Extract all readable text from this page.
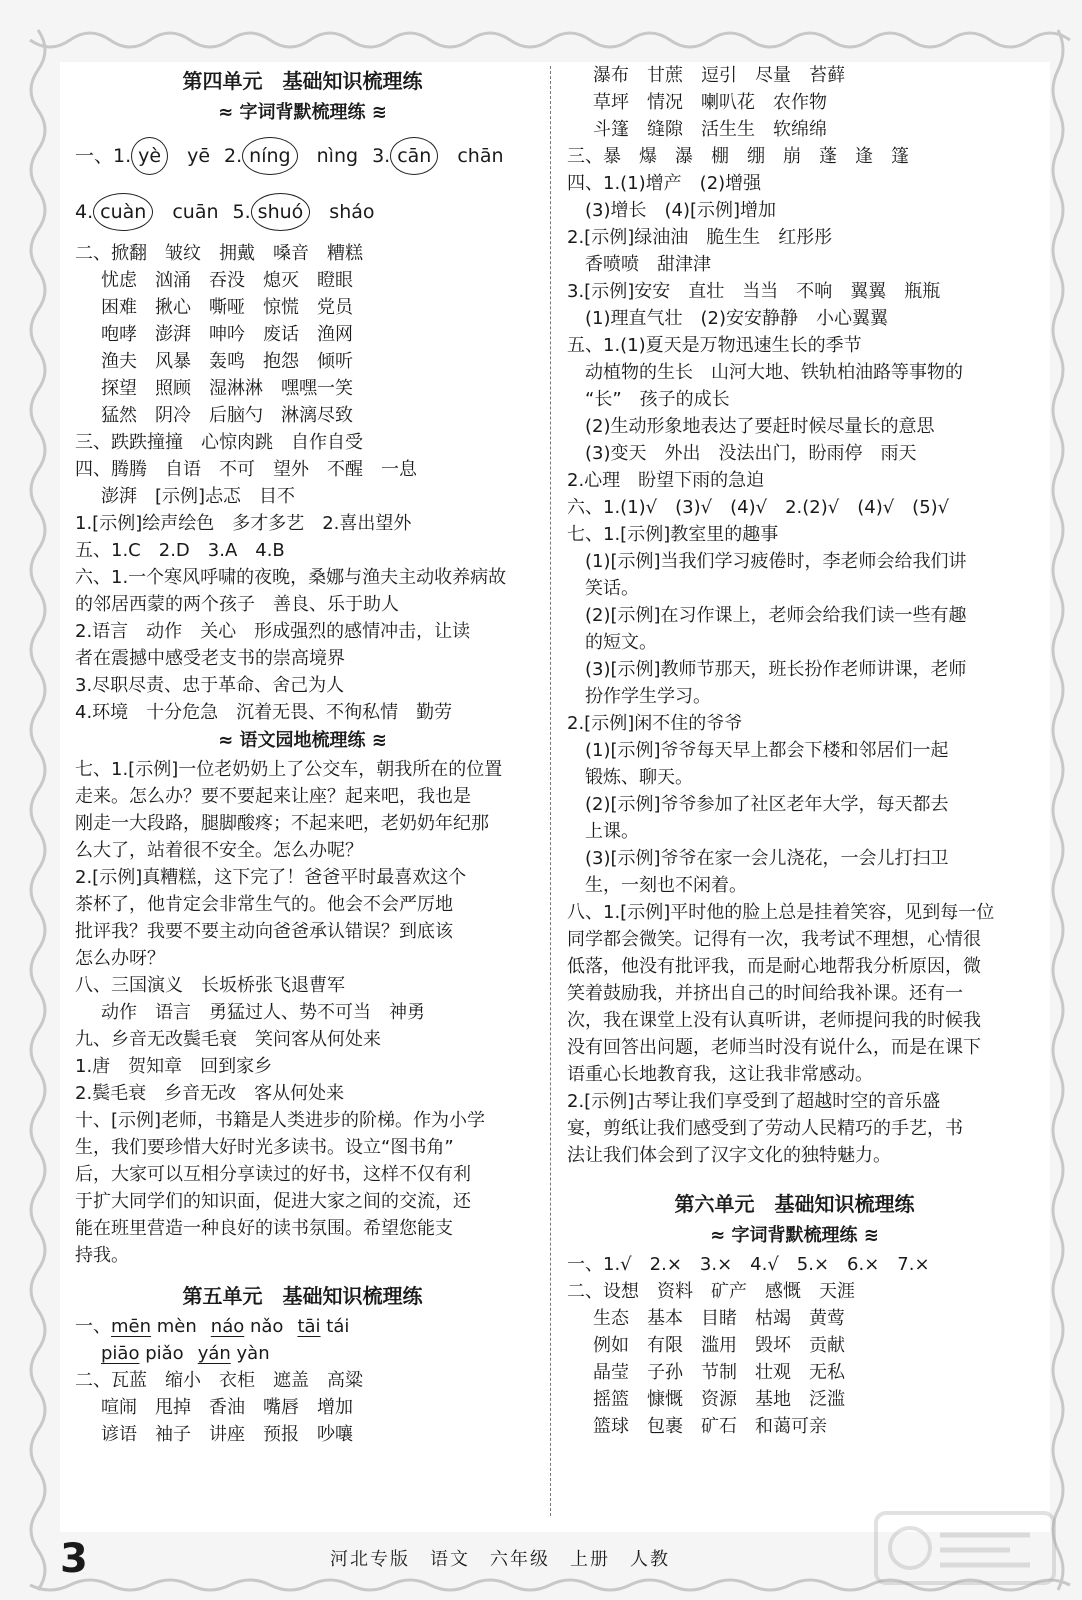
第四单元　基础知识梳理练
≈ 字词背默梳理练 ≋
一、1. yè　 yē 2. níng　 nìng 3. cān　 chān
4. cuàn　 cuān 5. shuó　 sháo
二、掀翻　皱纹　拥戴　嗓音　糟糕
忧虑　汹涌　吞没　熄灭　瞪眼
困难　揪心　嘶哑　惊慌　党员
咆哮　澎湃　呻吟　废话　渔网
渔夫　风暴　轰鸣　抱怨　倾听
探望　照顾　湿淋淋　嘿嘿一笑
猛然　阴冷　后脑勺　淋漓尽致
三、跌跌撞撞　心惊肉跳　自作自受
四、腾腾　自语　不可　望外　不醒　一息
澎湃　[示例]忐忑　目不
1.[示例]绘声绘色　多才多艺　2.喜出望外
五、1.C　2.D　3.A　4.B
六、1.一个寒风呼啸的夜晚，桑娜与渔夫主动收养病故
的邻居西蒙的两个孩子　善良、乐于助人
2.语言　动作　关心　形成强烈的感情冲击，让读
者在震撼中感受老支书的崇高境界
3.尽职尽责、忠于革命、舍己为人
4.环境　十分危急　沉着无畏、不徇私情　勤劳
≈ 语文园地梳理练 ≋
七、1.[示例]一位老奶奶上了公交车，朝我所在的位置
走来。怎么办？要不要起来让座？起来吧，我也是
刚走一大段路，腿脚酸疼；不起来吧，老奶奶年纪那
么大了，站着很不安全。怎么办呢？
2.[示例]真糟糕，这下完了！爸爸平时最喜欢这个
茶杯了，他肯定会非常生气的。他会不会严厉地
批评我？我要不要主动向爸爸承认错误？到底该
怎么办呀？
八、三国演义　长坂桥张飞退曹军
动作　语言　勇猛过人、势不可当　神勇
九、乡音无改鬓毛衰　笑问客从何处来
1.唐　贺知章　回到家乡
2.鬓毛衰　乡音无改　客从何处来
十、[示例]老师，书籍是人类进步的阶梯。作为小学
生，我们要珍惜大好时光多读书。设立“图书角”
后，大家可以互相分享读过的好书，这样不仅有利
于扩大同学们的知识面，促进大家之间的交流，还
能在班里营造一种良好的读书氛围。希望您能支
持我。
第五单元　基础知识梳理练
一、mēn mèn náo nǎo tāi tái
piāo piǎo yán yàn
二、瓦蓝　缩小　衣柜　遮盖　高粱
喧闹　甩掉　香油　嘴唇　增加
谚语　袖子　讲座　预报　吵嚷
瀑布　甘蔗　逗引　尽量　苔藓
草坪　情况　喇叭花　农作物
斗篷　缝隙　活生生　软绵绵
三、暴　爆　瀑　棚　绷　崩　蓬　逢　篷
四、1.(1)增产　(2)增强
(3)增长　(4)[示例]增加
2.[示例]绿油油　脆生生　红彤彤
香喷喷　甜津津
3.[示例]安安　直壮　当当　不响　翼翼　瓶瓶
(1)理直气壮　(2)安安静静　小心翼翼
五、1.(1)夏天是万物迅速生长的季节
动植物的生长　山河大地、铁轨柏油路等事物的
“长”　孩子的成长
(2)生动形象地表达了要赶时候尽量长的意思
(3)变天　外出　没法出门，盼雨停　雨天
2.心理　盼望下雨的急迫
六、1.(1)√　(3)√　(4)√　2.(2)√　(4)√　(5)√
七、1.[示例]教室里的趣事
(1)[示例]当我们学习疲倦时，李老师会给我们讲
笑话。
(2)[示例]在习作课上，老师会给我们读一些有趣
的短文。
(3)[示例]教师节那天，班长扮作老师讲课，老师
扮作学生学习。
2.[示例]闲不住的爷爷
(1)[示例]爷爷每天早上都会下楼和邻居们一起
锻炼、聊天。
(2)[示例]爷爷参加了社区老年大学，每天都去
上课。
(3)[示例]爷爷在家一会儿浇花，一会儿打扫卫
生，一刻也不闲着。
八、1.[示例]平时他的脸上总是挂着笑容，见到每一位
同学都会微笑。记得有一次，我考试不理想，心情很
低落，他没有批评我，而是耐心地帮我分析原因，微
笑着鼓励我，并挤出自己的时间给我补课。还有一
次，我在课堂上没有认真听讲，老师提问我的时候我
没有回答出问题，老师当时没有说什么，而是在课下
语重心长地教育我，这让我非常感动。
2.[示例]古琴让我们享受到了超越时空的音乐盛
宴，剪纸让我们感受到了劳动人民精巧的手艺，书
法让我们体会到了汉字文化的独特魅力。
第六单元　基础知识梳理练
≈ 字词背默梳理练 ≋
一、1.√　2.×　3.×　4.√　5.×　6.×　7.×
二、设想　资料　矿产　感慨　天涯
生态　基本　目睹　枯竭　黄莺
例如　有限　滥用　毁坏　贡献
晶莹　子孙　节制　壮观　无私
摇篮　慷慨　资源　基地　泛滥
篮球　包裹　矿石　和蔼可亲
3	河北专版　语文　六年级　上册　人教
